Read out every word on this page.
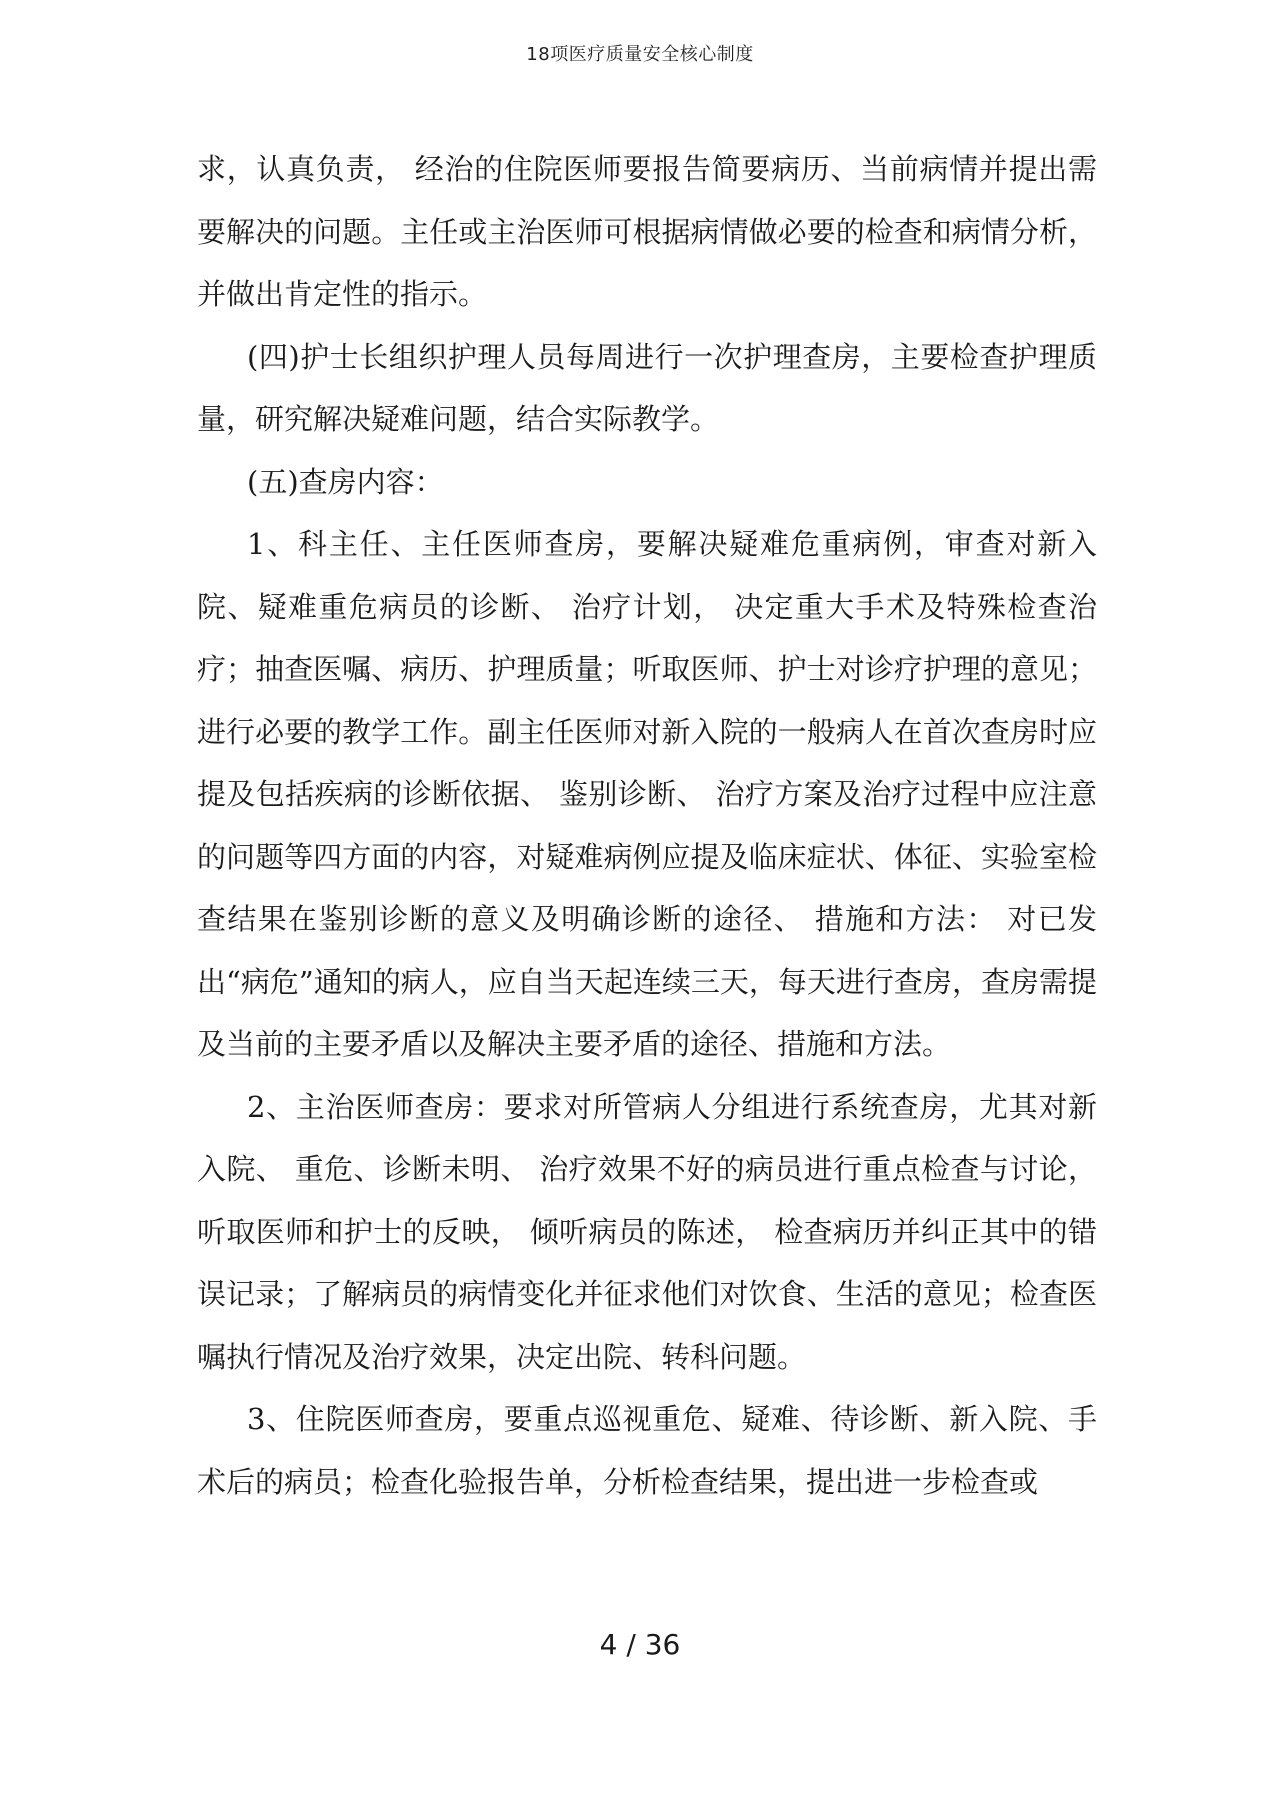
18项医疗质量安全核心制度

求，认真负责， 经治的住院医师要报告简要病历、当前病情并提出需要解决的问题。主任或主治医师可根据病情做必要的检查和病情分析，并做出肯定性的指示。

(四)护士长组织护理人员每周进行一次护理查房，主要检查护理质量，研究解决疑难问题，结合实际教学。

(五)查房内容：

1、科主任、主任医师查房，要解决疑难危重病例，审查对新入院、疑难重危病员的诊断、 治疗计划， 决定重大手术及特殊检查治疗；抽查医嘱、病历、护理质量；听取医师、护士对诊疗护理的意见；进行必要的教学工作。副主任医师对新入院的一般病人在首次查房时应提及包括疾病的诊断依据、 鉴别诊断、 治疗方案及治疗过程中应注意的问题等四方面的内容，对疑难病例应提及临床症状、体征、实验室检查结果在鉴别诊断的意义及明确诊断的途径、 措施和方法： 对已发出“病危”通知的病人，应自当天起连续三天，每天进行查房，查房需提及当前的主要矛盾以及解决主要矛盾的途径、措施和方法。

2、主治医师查房：要求对所管病人分组进行系统查房，尤其对新入院、 重危、诊断未明、 治疗效果不好的病员进行重点检查与讨论，听取医师和护士的反映， 倾听病员的陈述， 检查病历并纠正其中的错误记录；了解病员的病情变化并征求他们对饮食、生活的意见；检查医嘱执行情况及治疗效果，决定出院、转科问题。

3、住院医师查房，要重点巡视重危、疑难、待诊断、新入院、手术后的病员；检查化验报告单，分析检查结果，提出进一步检查或

4 / 36
